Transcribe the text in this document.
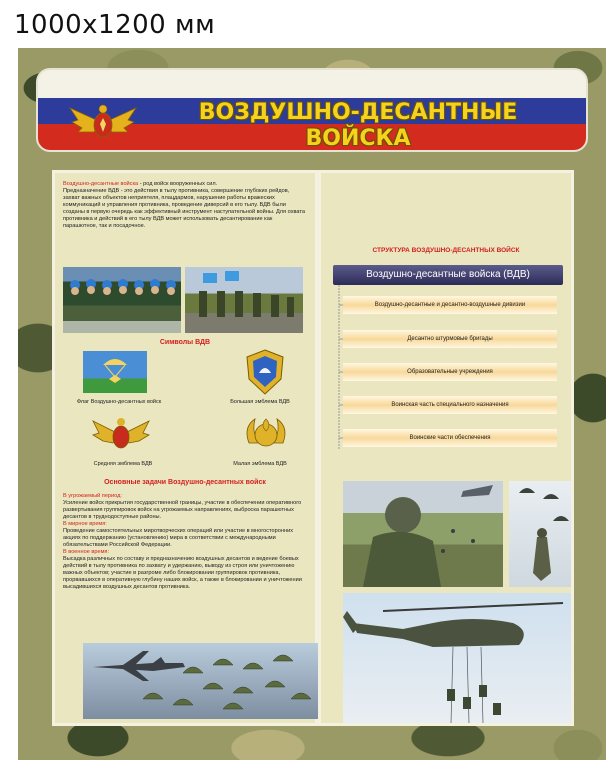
1000x1200 мм
ВОЗДУШНО-ДЕСАНТНЫЕ
ВОЙСКА
Воздушно-десантные войска - род войск вооруженных сил.
Предназначение ВДВ - это действия в тылу противника, совершение глубоких рейдов, захват важных объектов неприятеля, плацдармов, нарушение работы вражеских коммуникаций и управления противника, проведение диверсий в его тылу. ВДВ были созданы в первую очередь как эффективный инструмент наступательной войны. Для охвата противника и действий в его тылу ВДВ может использовать десантирование как парашютное, так и посадочное.
Символы ВДВ
Флаг Воздушно-десантных войск	Большая эмблема ВДВ
Средняя эмблема ВДВ	Малая эмблема ВДВ
Основные задачи Воздушно-десантных войск
В угрожаемый период:
Усиление войск прикрытия государственной границы, участие в обеспечении оперативного развертывания группировок войск на угрожаемых направлениях, выброска парашютных десантов в труднодоступные районы.
В мирное время:
Проведение самостоятельных миротворческих операций или участие в многосторонних акциях по поддержанию (установлению) мира в соответствии с международными обязательствами Российской Федерации.
В военное время:
Высадка различных по составу и предназначению воздушных десантов и ведение боевых действий в тылу противника по захвату и удержанию, выводу из строя или уничтожению важных объектов; участие в разгроме либо блокировании группировок противника, прорвавшихся в оперативную глубину наших войск, а также в блокировании и уничтожении высадившихся воздушных десантов противника.
СТРУКТУРА ВОЗДУШНО-ДЕСАНТНЫХ ВОЙСК
Воздушно-десантные войска (ВДВ)
Воздушно-десантные и десантно-воздушные дивизии
Десантно штурмовые бригады
Образовательные учреждения
Воинская часть специального назначения
Воинские части обеспечения
